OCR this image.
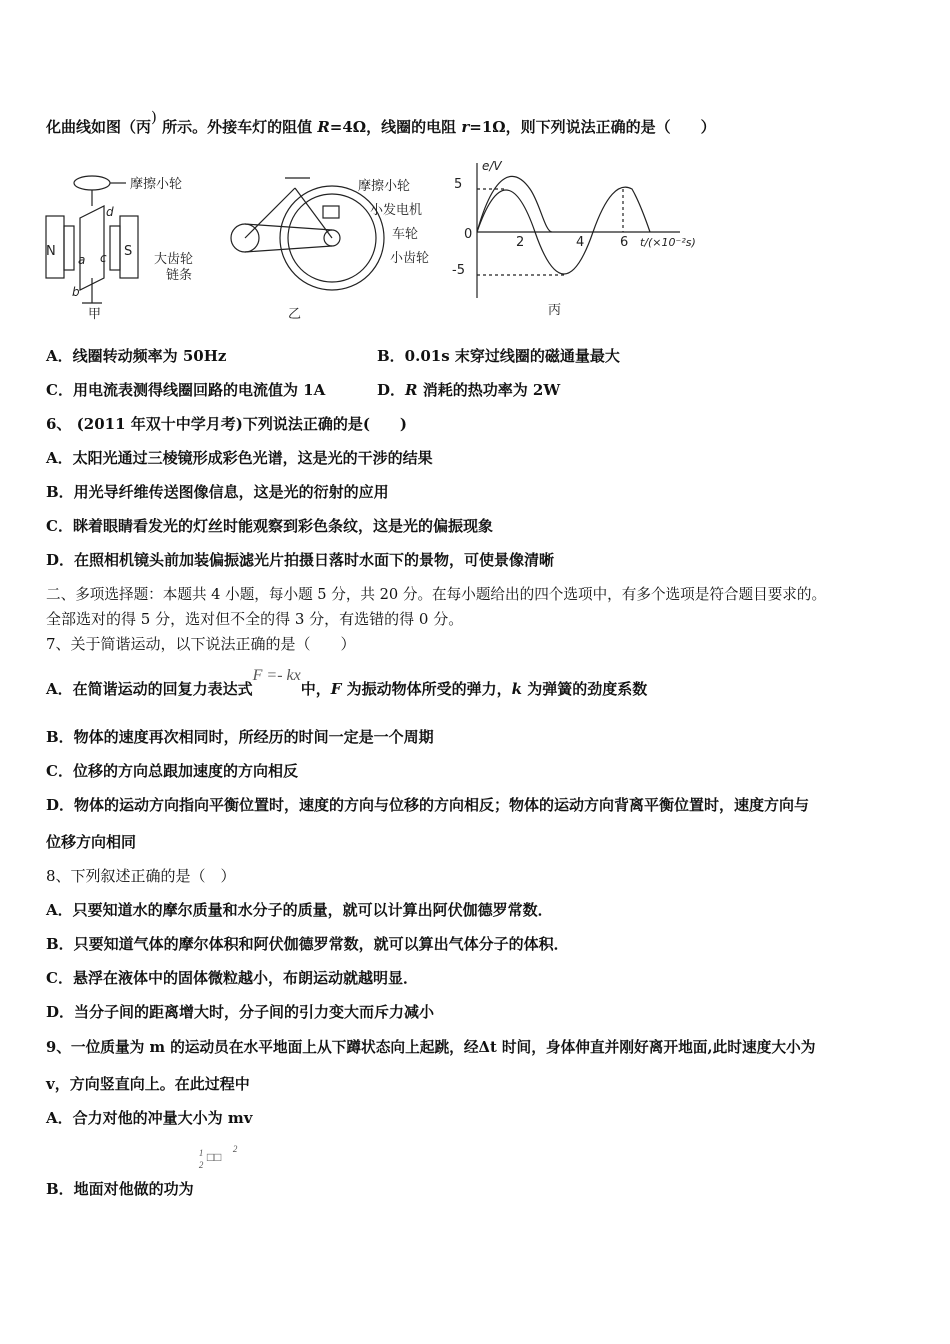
化曲线如图（丙) 所示。外接车灯的阻值 R=4Ω，线圈的电阻 r=1Ω，则下列说法正确的是（　　）
摩擦小轮
N	S
a
b
c
d
甲
摩擦小轮
小发电机
车轮
大齿轮
链条
小齿轮
乙
e/V
5
-5
0
2	4	6 t/(×10⁻²s)
丙
A．线圈转动频率为 50Hz	B．0.01s 末穿过线圈的磁通量最大
C．用电流表测得线圈回路的电流值为 1A	D．R 消耗的热功率为 2W
6、 (2011 年双十中学月考)下列说法正确的是(　　)
A．太阳光通过三棱镜形成彩色光谱，这是光的干涉的结果
B．用光导纤维传送图像信息，这是光的衍射的应用
C．眯着眼睛看发光的灯丝时能观察到彩色条纹，这是光的偏振现象
D．在照相机镜头前加装偏振滤光片拍摄日落时水面下的景物，可使景像清晰
二、多项选择题：本题共 4 小题，每小题 5 分，共 20 分。在每小题给出的四个选项中，有多个选项是符合题目要求的。
全部选对的得 5 分，选对但不全的得 3 分，有选错的得 0 分。
7、关于简谐运动，以下说法正确的是（　　）
A．在简谐运动的回复力表达式F =- kx中，F 为振动物体所受的弹力，k 为弹簧的劲度系数
B．物体的速度再次相同时，所经历的时间一定是一个周期
C．位移的方向总跟加速度的方向相反
D．物体的运动方向指向平衡位置时，速度的方向与位移的方向相反；物体的运动方向背离平衡位置时，速度方向与
位移方向相同
8、下列叙述正确的是（　）
A．只要知道水的摩尔质量和水分子的质量，就可以计算出阿伏伽德罗常数．
B．只要知道气体的摩尔体积和阿伏伽德罗常数，就可以算出气体分子的体积．
C．悬浮在液体中的固体微粒越小，布朗运动就越明显．
D．当分子间的距离增大时，分子间的引力变大而斥力减小
9、一位质量为 m 的运动员在水平地面上从下蹲状态向上起跳，经Δt 时间，身体伸直并刚好离开地面,此时速度大小为
v，方向竖直向上。在此过程中
A．合力对他的冲量大小为 mv
B．地面对他做的功为
1
2
□□
2
